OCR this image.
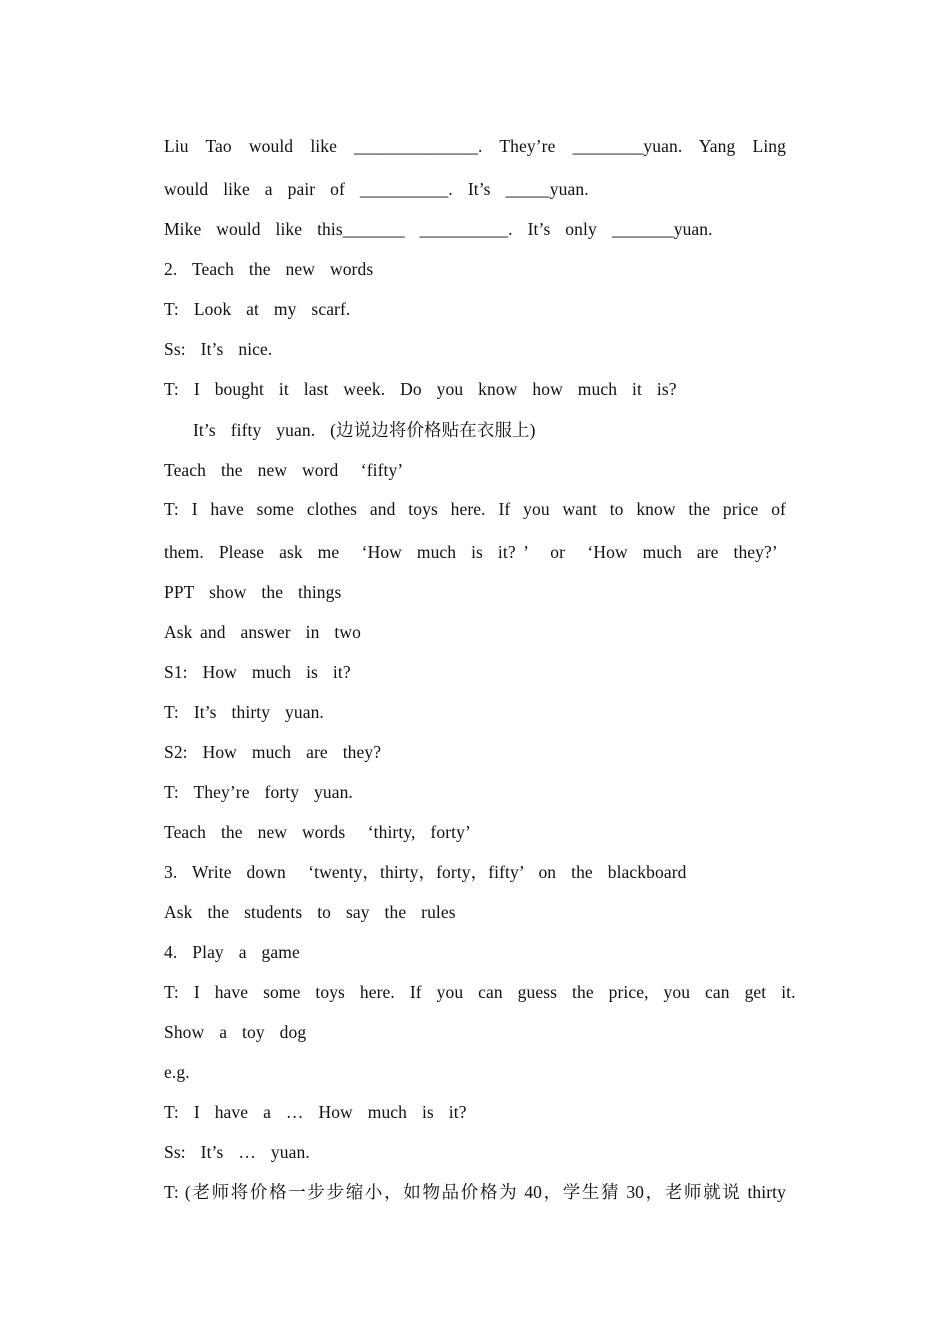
Liu Tao would like ______________. They’re ________yuan. Yang Ling
would  like  a  pair  of  __________.  It’s  _____yuan.
Mike  would  like  this_______  __________.  It’s  only  _______yuan.
2.  Teach  the  new  words
T:  Look  at  my  scarf.
Ss:  It’s  nice.
T:  I  bought  it  last  week.  Do  you  know  how  much  it  is?
It’s  fifty  yuan.  (边说边将价格贴在衣服上)
Teach  the  new  word   ‘fifty’
T: I have some clothes and toys here. If you want to know the price of
them.  Please  ask  me   ‘How  much  is  it? ’   or   ‘How  much  are  they?’
PPT  show  the  things
Ask and  answer  in  two
S1:  How  much  is  it?
T:  It’s  thirty  yuan.
S2:  How  much  are  they?
T:  They’re  forty  yuan.
Teach  the  new  words   ‘thirty,  forty’
3.  Write  down   ‘twenty，thirty，forty，fifty’  on  the  blackboard
Ask  the  students  to  say  the  rules
4.  Play  a  game
T:  I  have  some  toys  here.  If  you  can  guess  the  price,  you  can  get  it.
Show  a  toy  dog
e.g.
T:  I  have  a  …  How  much  is  it?
Ss:  It’s  …  yuan.
T: (老师将价格一步步缩小，如物品价格为 40，学生猜 30，老师就说 thirty
